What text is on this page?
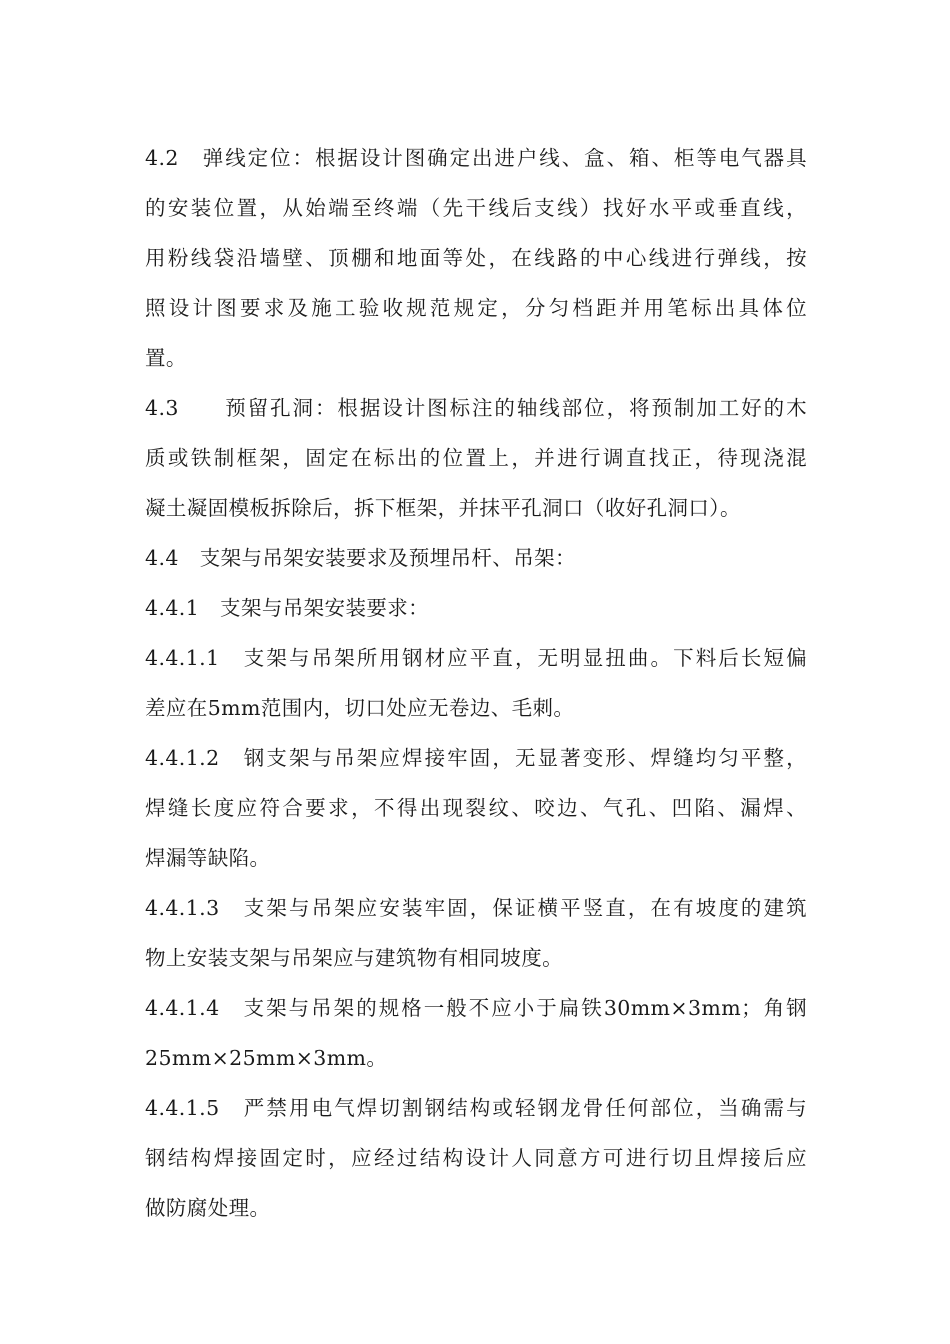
4.2　弹线定位：根据设计图确定出进户线、盒、箱、柜等电气器具
的安装位置，从始端至终端（先干线后支线）找好水平或垂直线，
用粉线袋沿墙壁、顶棚和地面等处，在线路的中心线进行弹线，按
照设计图要求及施工验收规范规定，分匀档距并用笔标出具体位
置。
4.3　　预留孔洞：根据设计图标注的轴线部位，将预制加工好的木
质或铁制框架，固定在标出的位置上，并进行调直找正，待现浇混
凝土凝固模板拆除后，拆下框架，并抹平孔洞口（收好孔洞口）。
4.4　支架与吊架安装要求及预埋吊杆、吊架：
4.4.1　支架与吊架安装要求：
4.4.1.1　支架与吊架所用钢材应平直，无明显扭曲。下料后长短偏
差应在5mm范围内，切口处应无卷边、毛刺。
4.4.1.2　钢支架与吊架应焊接牢固，无显著变形、焊缝均匀平整，
焊缝长度应符合要求，不得出现裂纹、咬边、气孔、凹陷、漏焊、
焊漏等缺陷。
4.4.1.3　支架与吊架应安装牢固，保证横平竖直，在有坡度的建筑
物上安装支架与吊架应与建筑物有相同坡度。
4.4.1.4　支架与吊架的规格一般不应小于扁铁30mm×3mm；角钢
25mm×25mm×3mm。
4.4.1.5　严禁用电气焊切割钢结构或轻钢龙骨任何部位，当确需与
钢结构焊接固定时，应经过结构设计人同意方可进行切且焊接后应
做防腐处理。
